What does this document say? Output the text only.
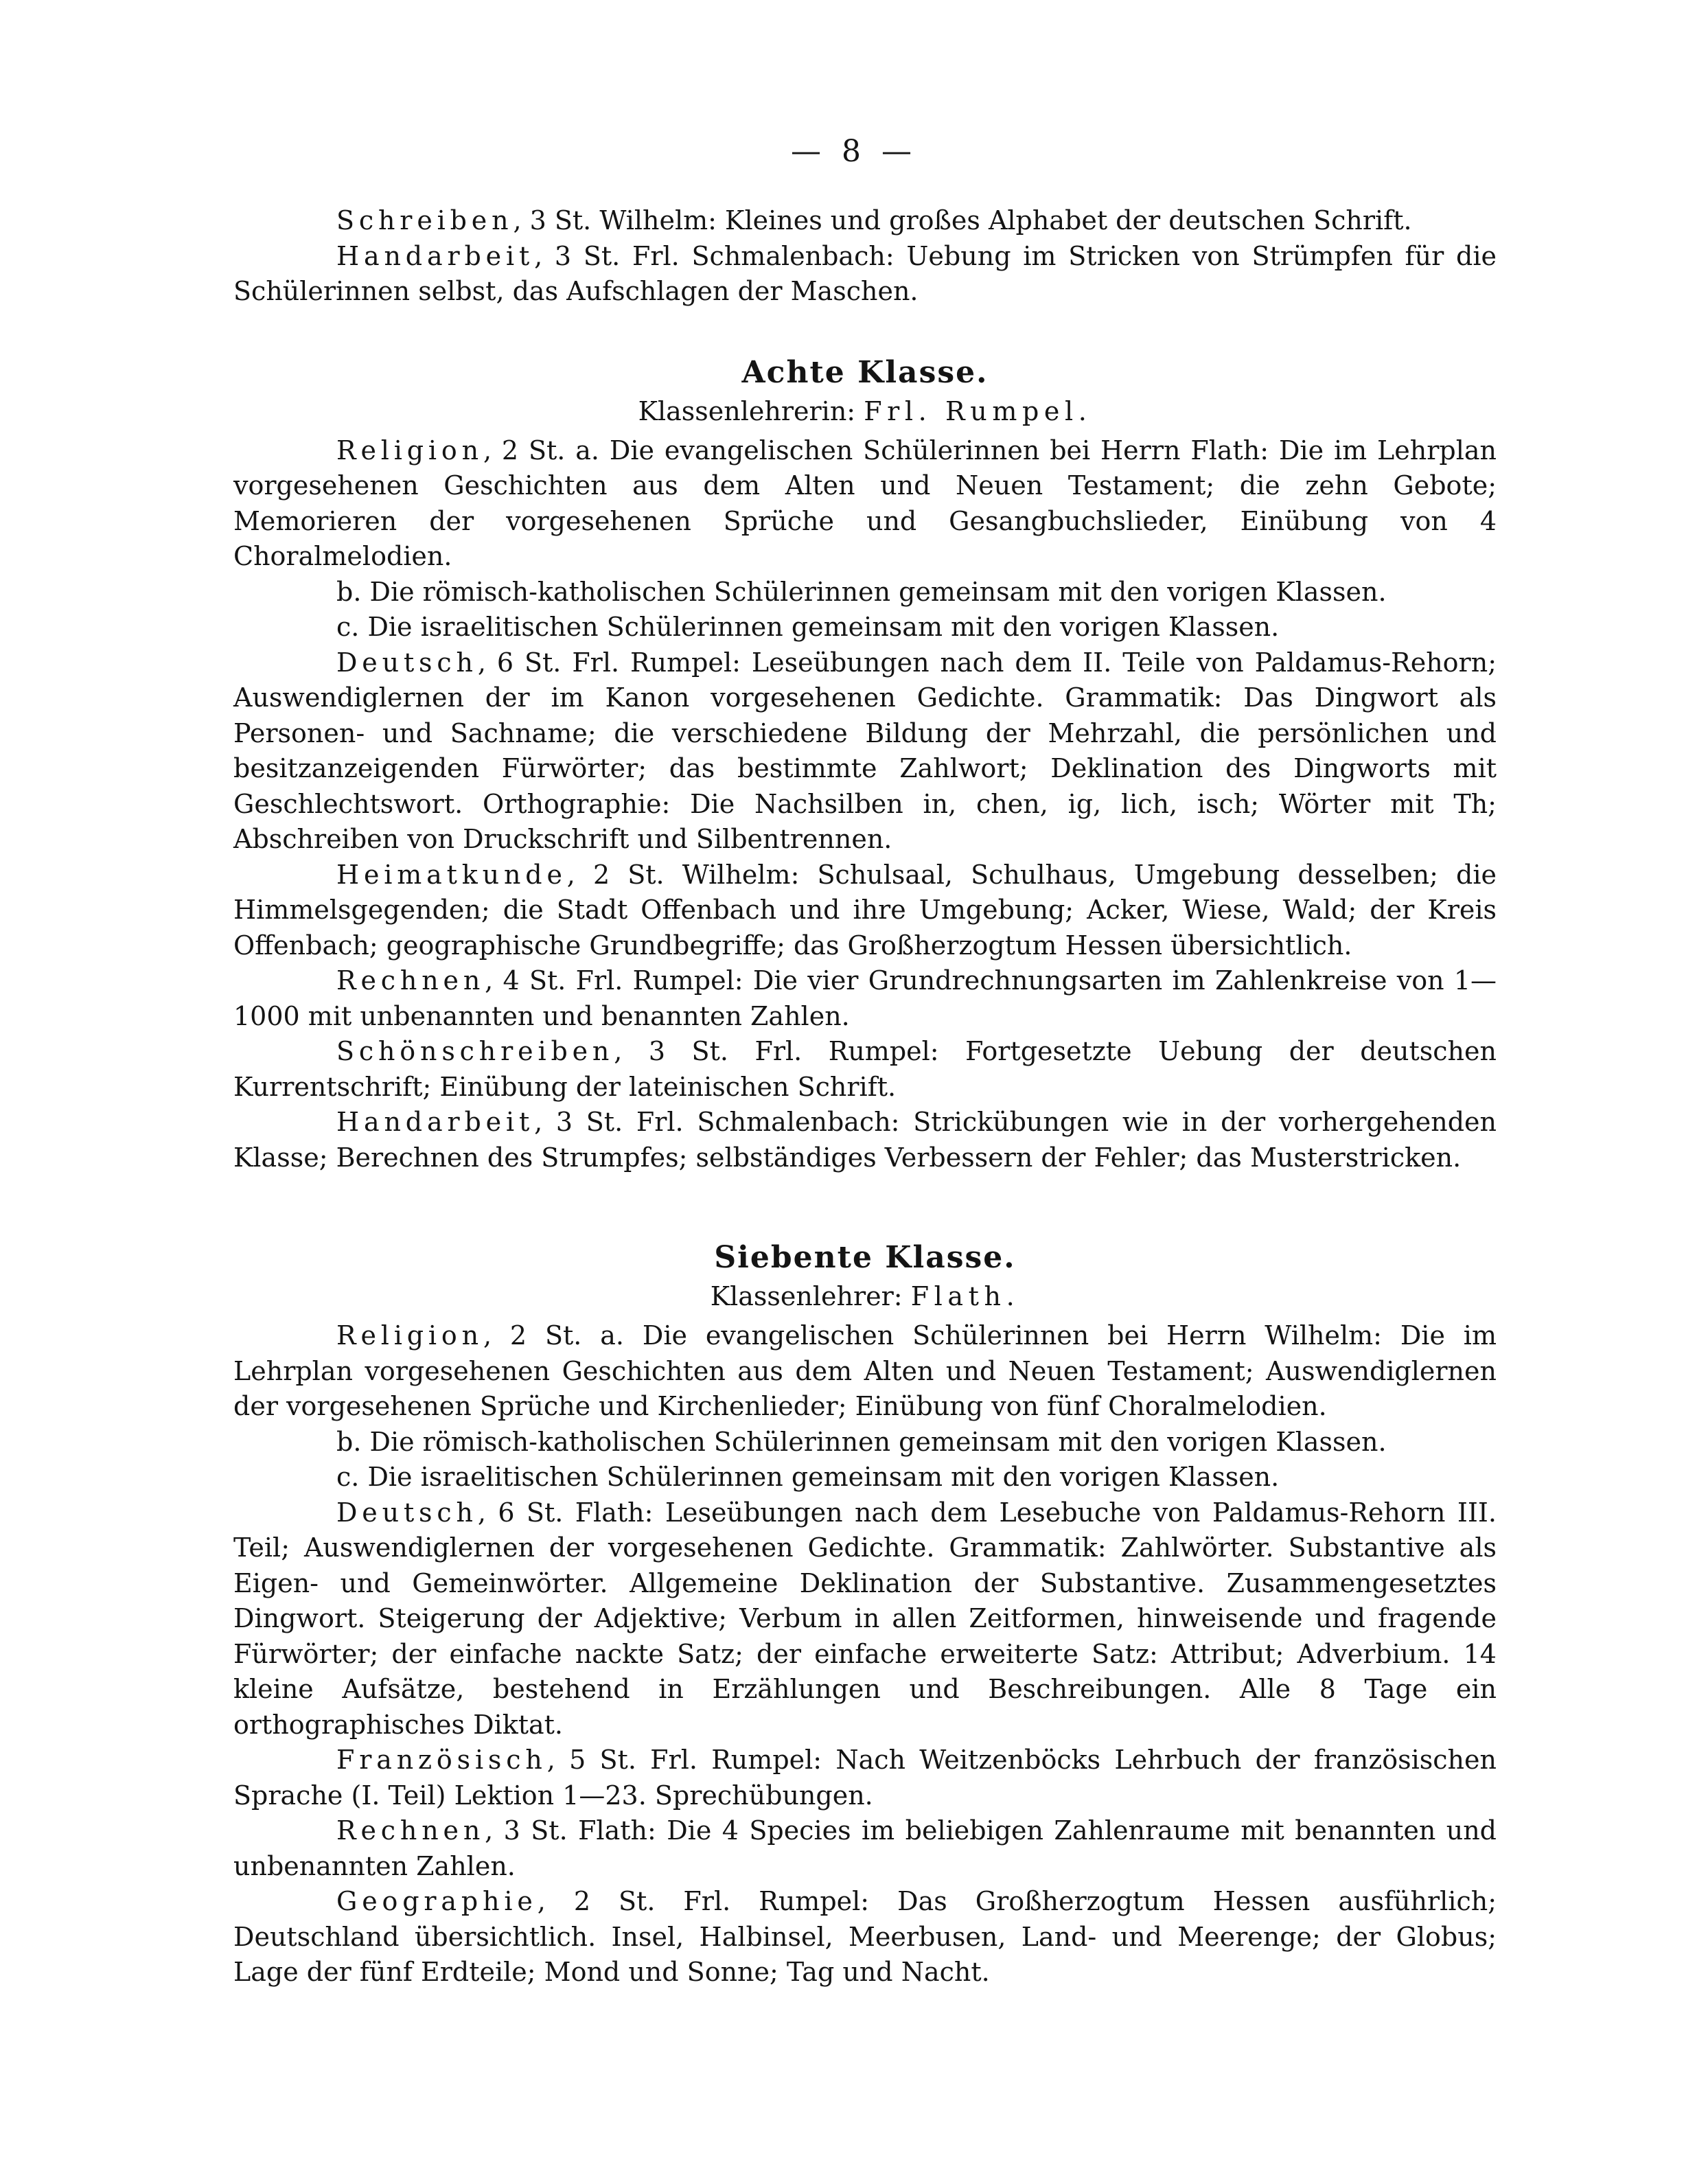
— 8 —

Schreiben, 3 St. Wilhelm: Kleines und großes Alphabet der deutschen Schrift.

Handarbeit, 3 St. Frl. Schmalenbach: Uebung im Stricken von Strümpfen für die Schülerinnen selbst, das Aufschlagen der Maschen.

Achte Klasse.
Klassenlehrerin: Frl. Rumpel.

Religion, 2 St. a. Die evangelischen Schülerinnen bei Herrn Flath: Die im Lehrplan vorgesehenen Geschichten aus dem Alten und Neuen Testament; die zehn Gebote; Memorieren der vorgesehenen Sprüche und Gesangbuchslieder, Einübung von 4 Choralmelodien.

b. Die römisch-katholischen Schülerinnen gemeinsam mit den vorigen Klassen.

c. Die israelitischen Schülerinnen gemeinsam mit den vorigen Klassen.

Deutsch, 6 St. Frl. Rumpel: Leseübungen nach dem II. Teile von Paldamus-Rehorn; Auswendiglernen der im Kanon vorgesehenen Gedichte. Grammatik: Das Dingwort als Personen- und Sachname; die verschiedene Bildung der Mehrzahl, die persönlichen und besitzanzeigenden Fürwörter; das bestimmte Zahlwort; Deklination des Dingworts mit Geschlechtswort. Orthographie: Die Nachsilben in, chen, ig, lich, isch; Wörter mit Th; Abschreiben von Druckschrift und Silbentrennen.

Heimatkunde, 2 St. Wilhelm: Schulsaal, Schulhaus, Umgebung desselben; die Himmelsgegenden; die Stadt Offenbach und ihre Umgebung; Acker, Wiese, Wald; der Kreis Offenbach; geographische Grundbegriffe; das Großherzogtum Hessen übersichtlich.

Rechnen, 4 St. Frl. Rumpel: Die vier Grundrechnungsarten im Zahlenkreise von 1—1000 mit unbenannten und benannten Zahlen.

Schönschreiben, 3 St. Frl. Rumpel: Fortgesetzte Uebung der deutschen Kurrentschrift; Einübung der lateinischen Schrift.

Handarbeit, 3 St. Frl. Schmalenbach: Strickübungen wie in der vorhergehenden Klasse; Berechnen des Strumpfes; selbständiges Verbessern der Fehler; das Musterstricken.

Siebente Klasse.
Klassenlehrer: Flath.

Religion, 2 St. a. Die evangelischen Schülerinnen bei Herrn Wilhelm: Die im Lehrplan vorgesehenen Geschichten aus dem Alten und Neuen Testament; Auswendiglernen der vorgesehenen Sprüche und Kirchenlieder; Einübung von fünf Choralmelodien.

b. Die römisch-katholischen Schülerinnen gemeinsam mit den vorigen Klassen.

c. Die israelitischen Schülerinnen gemeinsam mit den vorigen Klassen.

Deutsch, 6 St. Flath: Leseübungen nach dem Lesebuche von Paldamus-Rehorn III. Teil; Auswendiglernen der vorgesehenen Gedichte. Grammatik: Zahlwörter. Substantive als Eigen- und Gemeinwörter. Allgemeine Deklination der Substantive. Zusammengesetztes Dingwort. Steigerung der Adjektive; Verbum in allen Zeitformen, hinweisende und fragende Fürwörter; der einfache nackte Satz; der einfache erweiterte Satz: Attribut; Adverbium. 14 kleine Aufsätze, bestehend in Erzählungen und Beschreibungen. Alle 8 Tage ein orthographisches Diktat.

Französisch, 5 St. Frl. Rumpel: Nach Weitzenböcks Lehrbuch der französischen Sprache (I. Teil) Lektion 1—23. Sprechübungen.

Rechnen, 3 St. Flath: Die 4 Species im beliebigen Zahlenraume mit benannten und unbenannten Zahlen.

Geographie, 2 St. Frl. Rumpel: Das Großherzogtum Hessen ausführlich; Deutschland übersichtlich. Insel, Halbinsel, Meerbusen, Land- und Meerenge; der Globus; Lage der fünf Erdteile; Mond und Sonne; Tag und Nacht.
